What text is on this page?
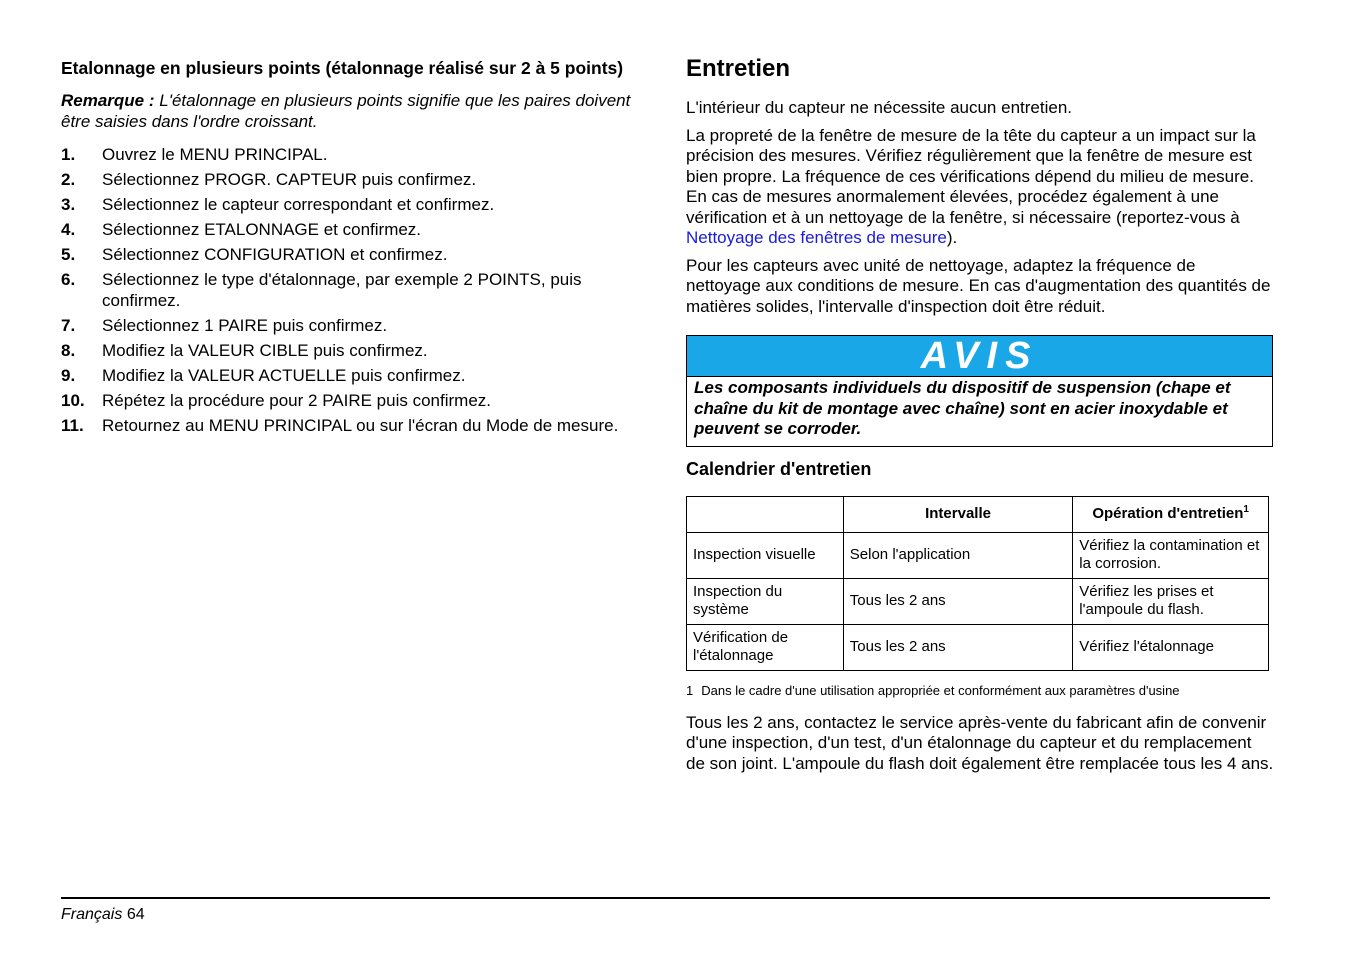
Etalonnage en plusieurs points (étalonnage réalisé sur 2 à 5 points)

Remarque : L'étalonnage en plusieurs points signifie que les paires doivent être saisies dans l'ordre croissant.

1. Ouvrez le MENU PRINCIPAL.
2. Sélectionnez PROGR. CAPTEUR puis confirmez.
3. Sélectionnez le capteur correspondant et confirmez.
4. Sélectionnez ETALONNAGE et confirmez.
5. Sélectionnez CONFIGURATION et confirmez.
6. Sélectionnez le type d'étalonnage, par exemple 2 POINTS, puis confirmez.
7. Sélectionnez 1 PAIRE puis confirmez.
8. Modifiez la VALEUR CIBLE puis confirmez.
9. Modifiez la VALEUR ACTUELLE puis confirmez.
10. Répétez la procédure pour 2 PAIRE puis confirmez.
11. Retournez au MENU PRINCIPAL ou sur l'écran du Mode de mesure.
Entretien

L'intérieur du capteur ne nécessite aucun entretien.

La propreté de la fenêtre de mesure de la tête du capteur a un impact sur la précision des mesures. Vérifiez régulièrement que la fenêtre de mesure est bien propre. La fréquence de ces vérifications dépend du milieu de mesure. En cas de mesures anormalement élevées, procédez également à une vérification et à un nettoyage de la fenêtre, si nécessaire (reportez-vous à Nettoyage des fenêtres de mesure).

Pour les capteurs avec unité de nettoyage, adaptez la fréquence de nettoyage aux conditions de mesure. En cas d'augmentation des quantités de matières solides, l'intervalle d'inspection doit être réduit.

AVIS
Les composants individuels du dispositif de suspension (chape et chaîne du kit de montage avec chaîne) sont en acier inoxydable et peuvent se corroder.
Calendrier d'entretien
	Intervalle	Opération d'entretien$^1$
Inspection visuelle	Selon l'application	Vérifiez la contamination et la corrosion.
Inspection du système	Tous les 2 ans	Vérifiez les prises et l'ampoule du flash.
Vérification de l'étalonnage	Tous les 2 ans	Vérifiez l'étalonnage
1 Dans le cadre d'une utilisation appropriée et conformément aux paramètres d'usine

Tous les 2 ans, contactez le service après-vente du fabricant afin de convenir d'une inspection, d'un test, d'un étalonnage du capteur et du remplacement de son joint. L'ampoule du flash doit également être remplacée tous les 4 ans.

Français 64
